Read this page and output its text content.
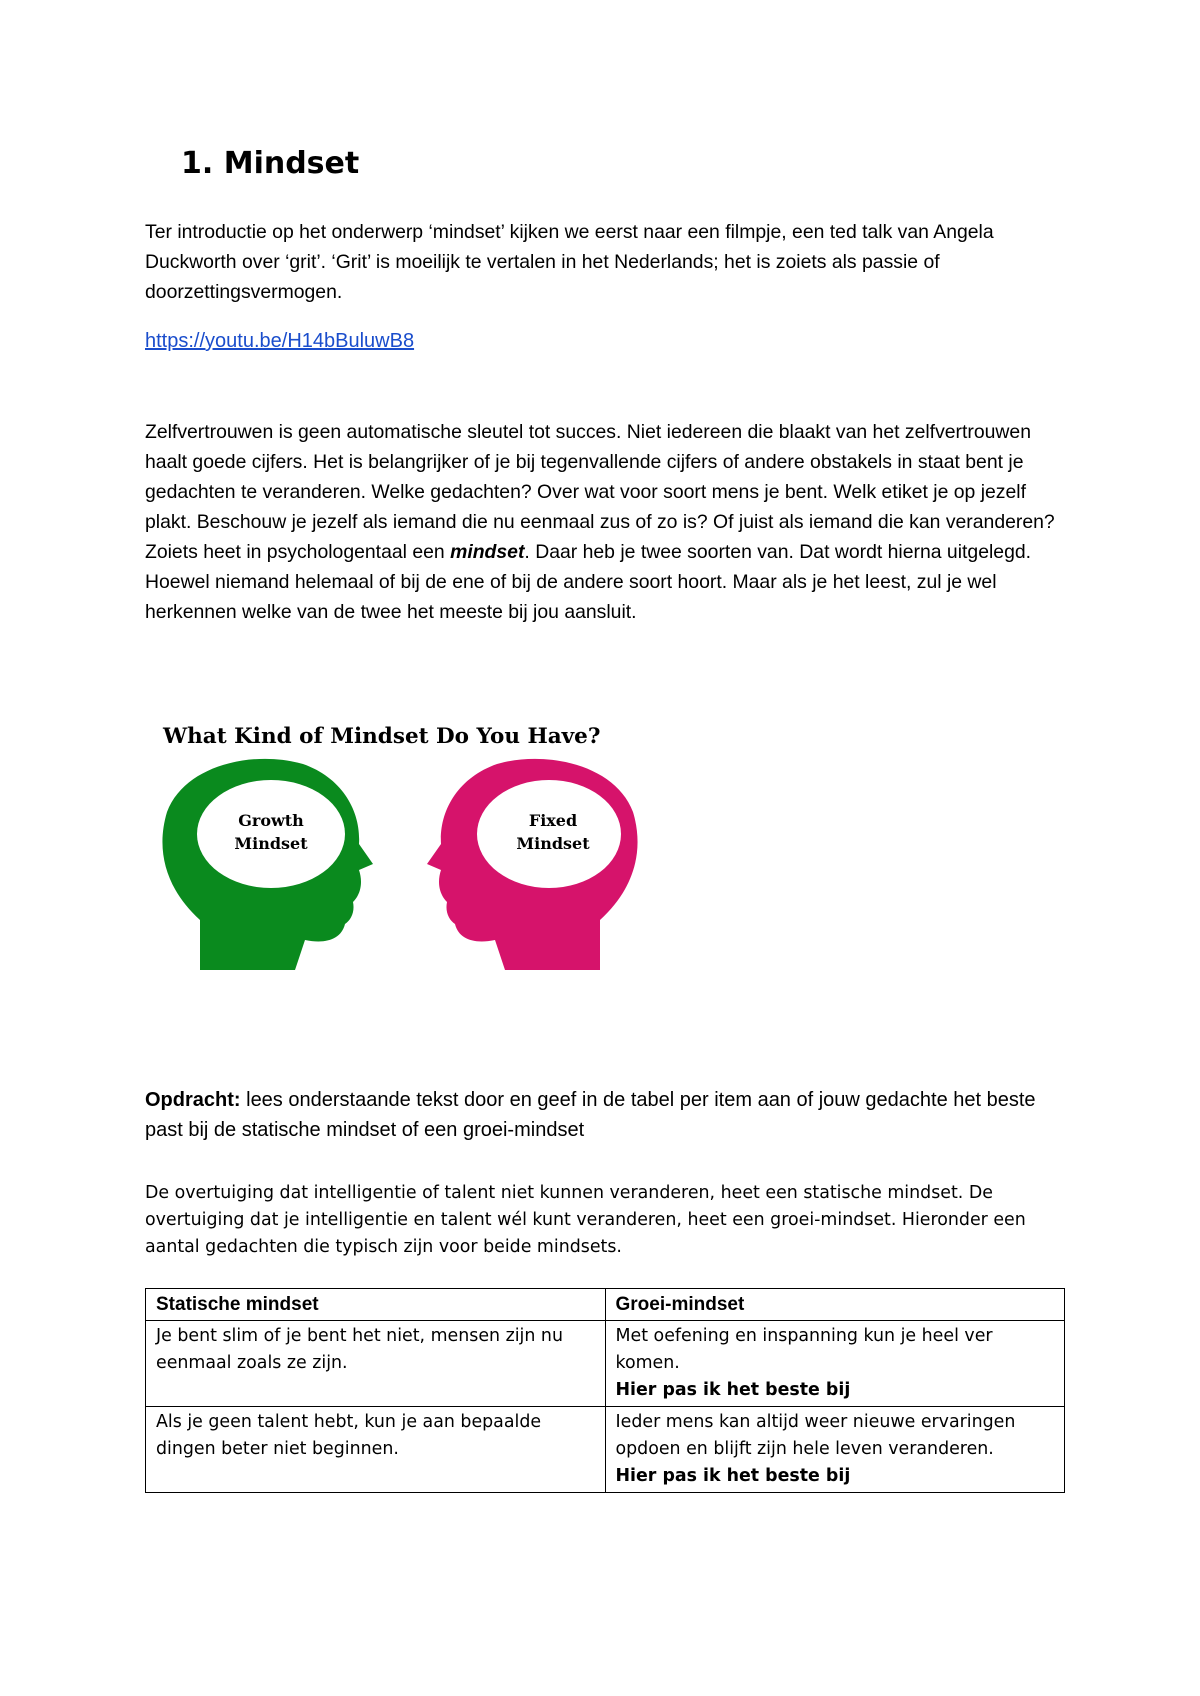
1. Mindset

Ter introductie op het onderwerp ‘mindset’ kijken we eerst naar een filmpje, een ted talk van Angela Duckworth over ‘grit’. ‘Grit’ is moeilijk te vertalen in het Nederlands; het is zoiets als passie of doorzettingsvermogen.

https://youtu.be/H14bBuluwB8

Zelfvertrouwen is geen automatische sleutel tot succes. Niet iedereen die blaakt van het zelfvertrouwen haalt goede cijfers. Het is belangrijker of je bij tegenvallende cijfers of andere obstakels in staat bent je gedachten te veranderen. Welke gedachten? Over wat voor soort mens je bent. Welk etiket je op jezelf plakt. Beschouw je jezelf als iemand die nu eenmaal zus of zo is? Of juist als iemand die kan veranderen? Zoiets heet in psychologentaal een mindset. Daar heb je twee soorten van. Dat wordt hierna uitgelegd. Hoewel niemand helemaal of bij de ene of bij de andere soort hoort. Maar als je het leest, zul je wel herkennen welke van de twee het meeste bij jou aansluit.

What Kind of Mindset Do You Have?
Growth
Mindset
Fixed
Mindset

Opdracht: lees onderstaande tekst door en geef in de tabel per item aan of jouw gedachte het beste past bij de statische mindset of een groei-mindset

De overtuiging dat intelligentie of talent niet kunnen veranderen, heet een statische mindset. De overtuiging dat je intelligentie en talent wél kunt veranderen, heet een groei-mindset. Hieronder een aantal gedachten die typisch zijn voor beide mindsets.

Statische mindset	Groei-mindset
Je bent slim of je bent het niet, mensen zijn nu eenmaal zoals ze zijn.	Met oefening en inspanning kun je heel ver komen.
Hier pas ik het beste bij

Als je geen talent hebt, kun je aan bepaalde dingen beter niet beginnen.	Ieder mens kan altijd weer nieuwe ervaringen opdoen en blijft zijn hele leven veranderen.
Hier pas ik het beste bij
